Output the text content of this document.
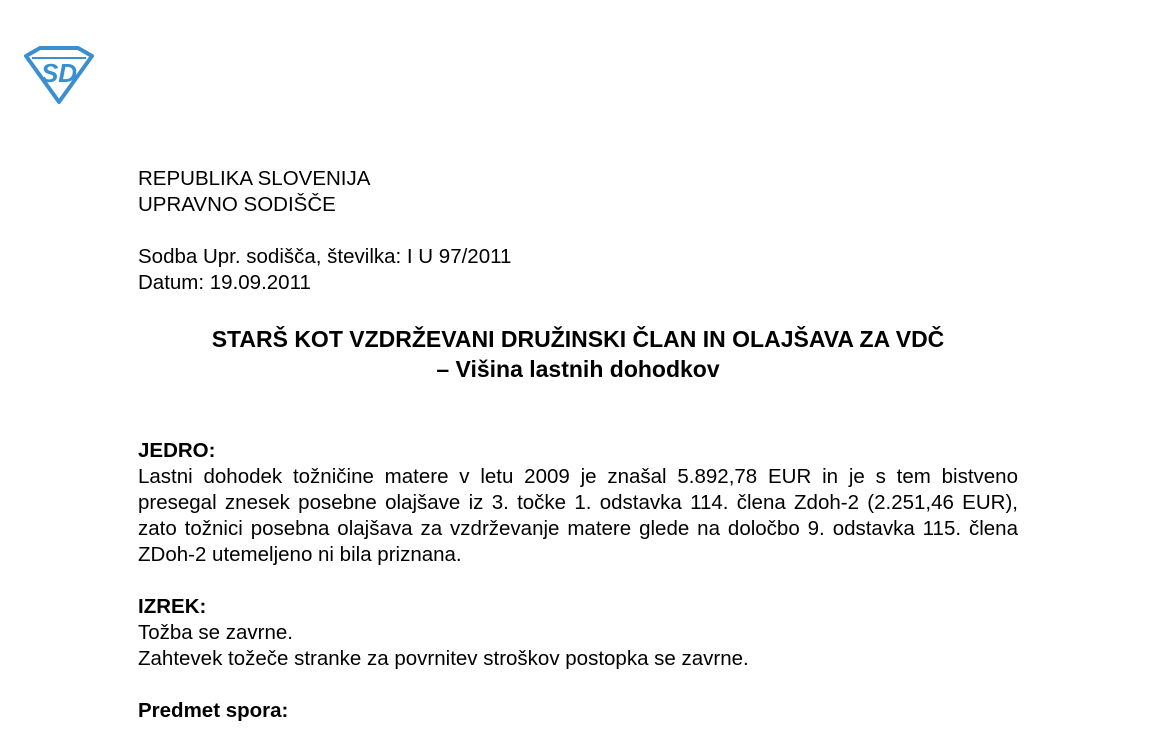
SD
REPUBLIKA SLOVENIJA
UPRAVNO SODIŠČE
Sodba Upr. sodišča, številka: I U 97/2011
Datum: 19.09.2011
STARŠ KOT VZDRŽEVANI DRUŽINSKI ČLAN IN OLAJŠAVA ZA VDČ
– Višina lastnih dohodkov
JEDRO:
Lastni dohodek tožničine matere v letu 2009 je znašal 5.892,78 EUR in je s tem bistveno presegal znesek posebne olajšave iz 3. točke 1. odstavka 114. člena Zdoh-2 (2.251,46 EUR), zato tožnici posebna olajšava za vzdrževanje matere glede na določbo 9. odstavka 115. člena ZDoh-2 utemeljeno ni bila priznana.
IZREK:
Tožba se zavrne.
Zahtevek tožeče stranke za povrnitev stroškov postopka se zavrne.
Predmet spora:
